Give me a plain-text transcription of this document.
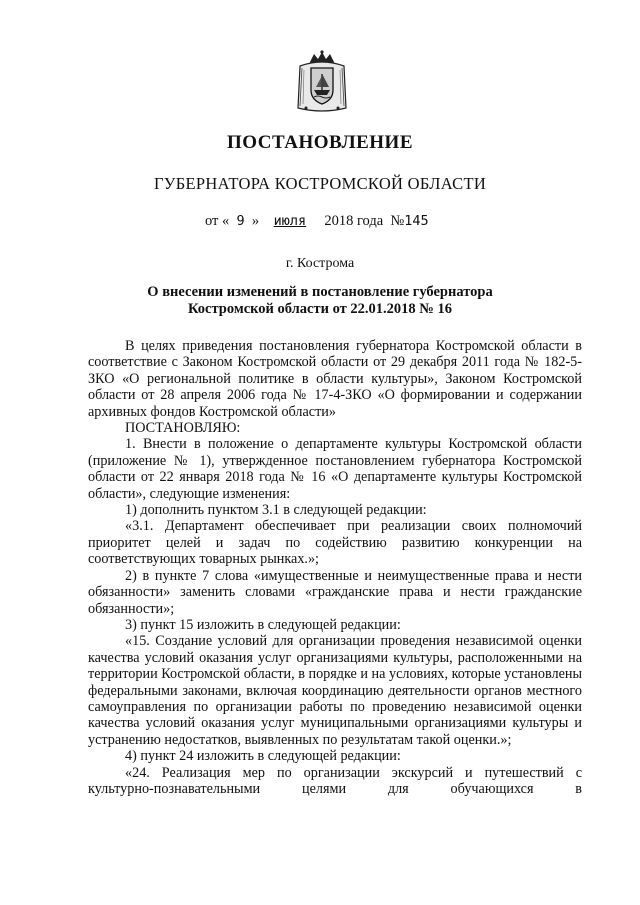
ПОСТАНОВЛЕНИЕ
ГУБЕРНАТОРА КОСТРОМСКОЙ ОБЛАСТИ
от « 9 » июля 2018 года №145
г. Кострома
О внесении изменений в постановление губернатора
Костромской области от 22.01.2018 № 16

В целях приведения постановления губернатора Костромской области в соответствие с Законом Костромской области от 29 декабря 2011 года № 182-5-ЗКО «О региональной политике в области культуры», Законом Костромской области от 28 апреля 2006 года № 17-4-ЗКО «О формировании и содержании архивных фондов Костромской области»

ПОСТАНОВЛЯЮ:

1. Внести в положение о департаменте культуры Костромской области (приложение № 1), утвержденное постановлением губернатора Костромской области от 22 января 2018 года № 16 «О департаменте культуры Костромской области», следующие изменения:

1) дополнить пунктом 3.1 в следующей редакции:

«3.1. Департамент обеспечивает при реализации своих полномочий приоритет целей и задач по содействию развитию конкуренции на соответствующих товарных рынках.»;

2) в пункте 7 слова «имущественные и неимущественные права и нести обязанности» заменить словами «гражданские права и нести гражданские обязанности»;

3) пункт 15 изложить в следующей редакции:

«15. Создание условий для организации проведения независимой оценки качества условий оказания услуг организациями культуры, расположенными на территории Костромской области, в порядке и на условиях, которые установлены федеральными законами, включая координацию деятельности органов местного самоуправления по организации работы по проведению независимой оценки качества условий оказания услуг муниципальными организациями культуры и устранению недостатков, выявленных по результатам такой оценки.»;

4) пункт 24 изложить в следующей редакции:

«24. Реализация мер по организации экскурсий и путешествий с культурно-познавательными целями для обучающихся в
